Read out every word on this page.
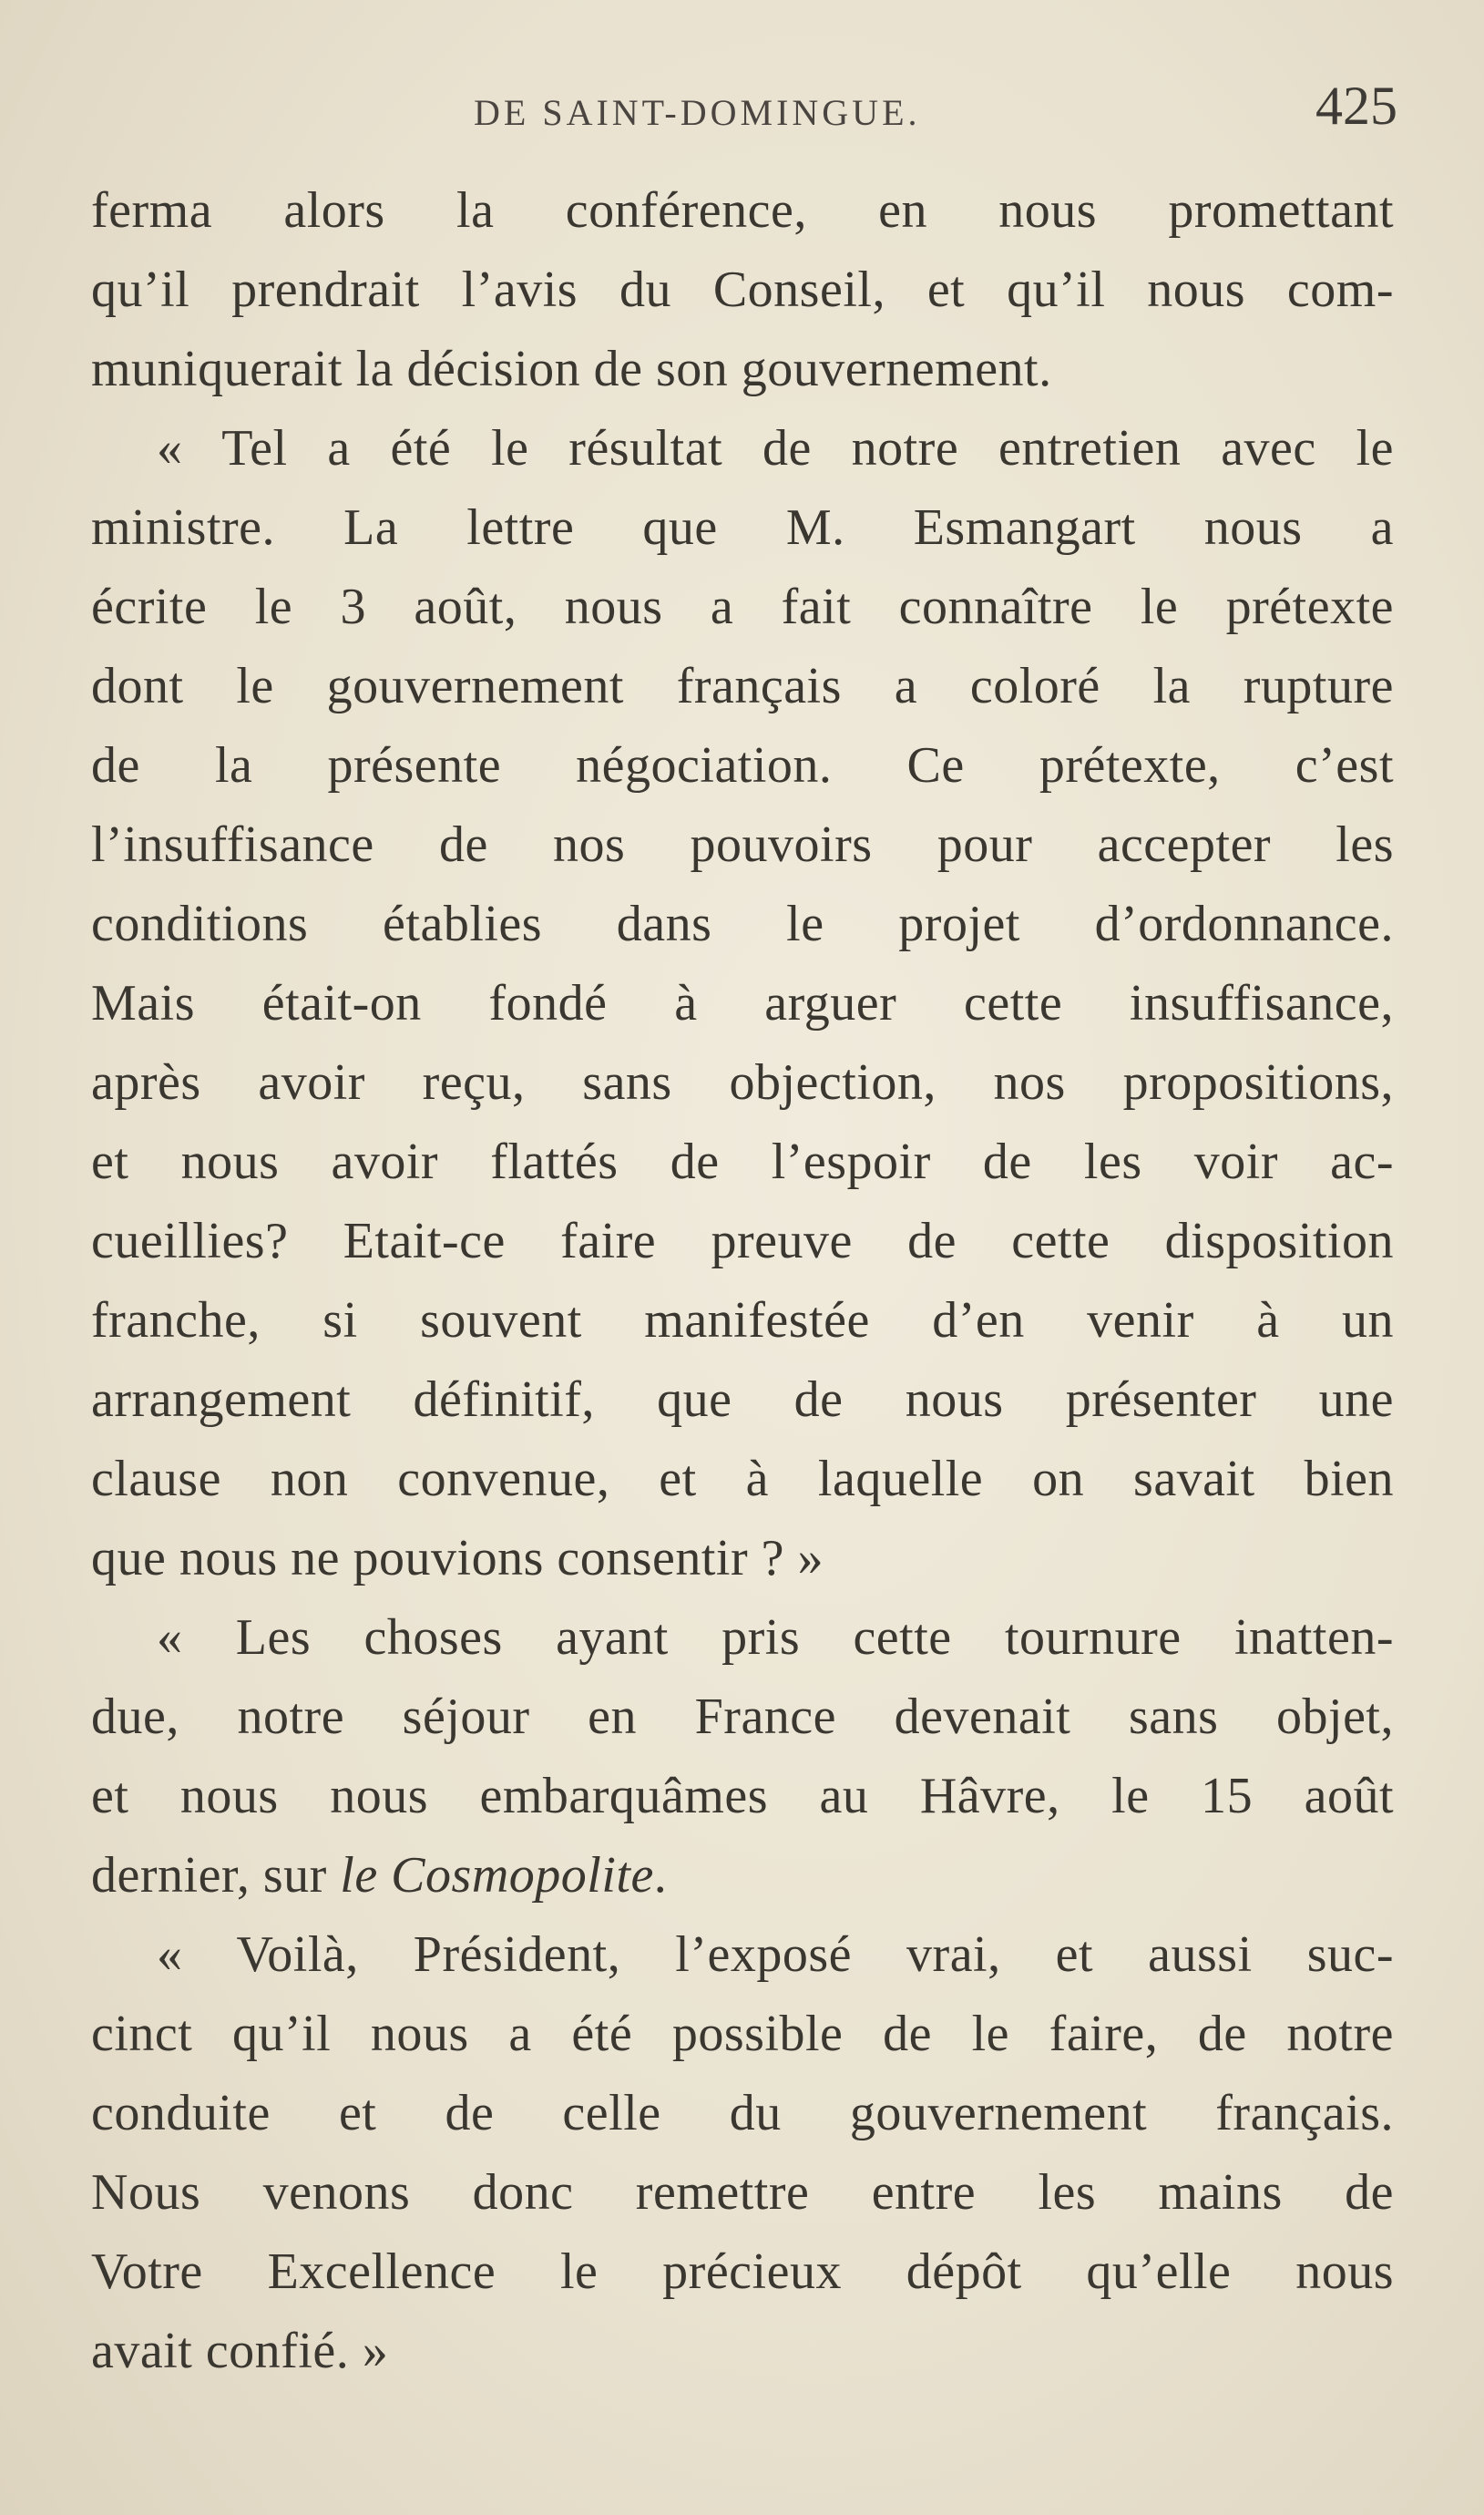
DE SAINT-DOMINGUE.	425
ferma alors la conférence, en nous promettant
qu’il prendrait l’avis du Conseil, et qu’il nous com-
muniquerait la décision de son gouvernement.
« Tel a été le résultat de notre entretien avec le
ministre. La lettre que M. Esmangart nous a
écrite le 3 août, nous a fait connaître le prétexte
dont le gouvernement français a coloré la rupture
de la présente négociation. Ce prétexte, c’est
l’insuffisance de nos pouvoirs pour accepter les
conditions établies dans le projet d’ordonnance.
Mais était-on fondé à arguer cette insuffisance,
après avoir reçu, sans objection, nos propositions,
et nous avoir flattés de l’espoir de les voir ac-
cueillies? Etait-ce faire preuve de cette disposition
franche, si souvent manifestée d’en venir à un
arrangement définitif, que de nous présenter une
clause non convenue, et à laquelle on savait bien
que nous ne pouvions consentir ? »
« Les choses ayant pris cette tournure inatten-
due, notre séjour en France devenait sans objet,
et nous nous embarquâmes au Hâvre, le 15 août
dernier, sur le Cosmopolite.
« Voilà, Président, l’exposé vrai, et aussi suc-
cinct qu’il nous a été possible de le faire, de notre
conduite et de celle du gouvernement français.
Nous venons donc remettre entre les mains de
Votre Excellence le précieux dépôt qu’elle nous
avait confié. »
